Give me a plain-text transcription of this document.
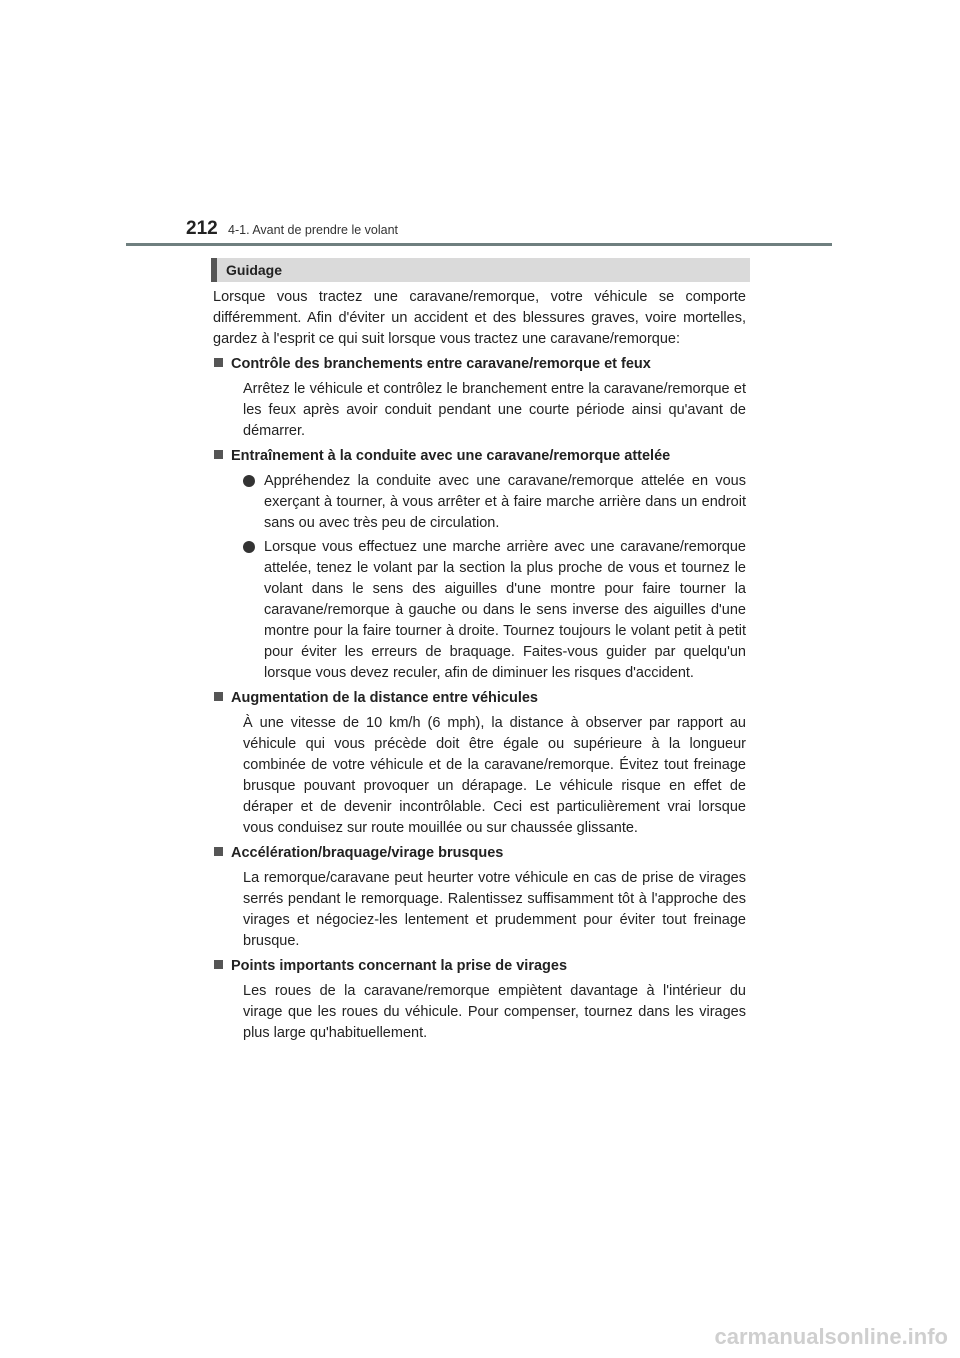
212 4-1. Avant de prendre le volant
Guidage

Lorsque vous tractez une caravane/remorque, votre véhicule se comporte différemment. Afin d'éviter un accident et des blessures graves, voire mortelles, gardez à l'esprit ce qui suit lorsque vous tractez une caravane/remorque:

Contrôle des branchements entre caravane/remorque et feux

Arrêtez le véhicule et contrôlez le branchement entre la caravane/remorque et les feux après avoir conduit pendant une courte période ainsi qu'avant de démarrer.

Entraînement à la conduite avec une caravane/remorque attelée

Appréhendez la conduite avec une caravane/remorque attelée en vous exerçant à tourner, à vous arrêter et à faire marche arrière dans un endroit sans ou avec très peu de circulation.

Lorsque vous effectuez une marche arrière avec une caravane/remorque attelée, tenez le volant par la section la plus proche de vous et tournez le volant dans le sens des aiguilles d'une montre pour faire tourner la caravane/remorque à gauche ou dans le sens inverse des aiguilles d'une montre pour la faire tourner à droite. Tournez toujours le volant petit à petit pour éviter les erreurs de braquage. Faites-vous guider par quelqu'un lorsque vous devez reculer, afin de diminuer les risques d'accident.

Augmentation de la distance entre véhicules

À une vitesse de 10 km/h (6 mph), la distance à observer par rapport au véhicule qui vous précède doit être égale ou supérieure à la longueur combinée de votre véhicule et de la caravane/remorque. Évitez tout freinage brusque pouvant provoquer un dérapage. Le véhicule risque en effet de déraper et de devenir incontrôlable. Ceci est particulièrement vrai lorsque vous conduisez sur route mouillée ou sur chaussée glissante.

Accélération/braquage/virage brusques

La remorque/caravane peut heurter votre véhicule en cas de prise de virages serrés pendant le remorquage. Ralentissez suffisamment tôt à l'approche des virages et négociez-les lentement et prudemment pour éviter tout freinage brusque.

Points importants concernant la prise de virages

Les roues de la caravane/remorque empiètent davantage à l'intérieur du virage que les roues du véhicule. Pour compenser, tournez dans les virages plus large qu'habituellement.

carmanualsonline.info
